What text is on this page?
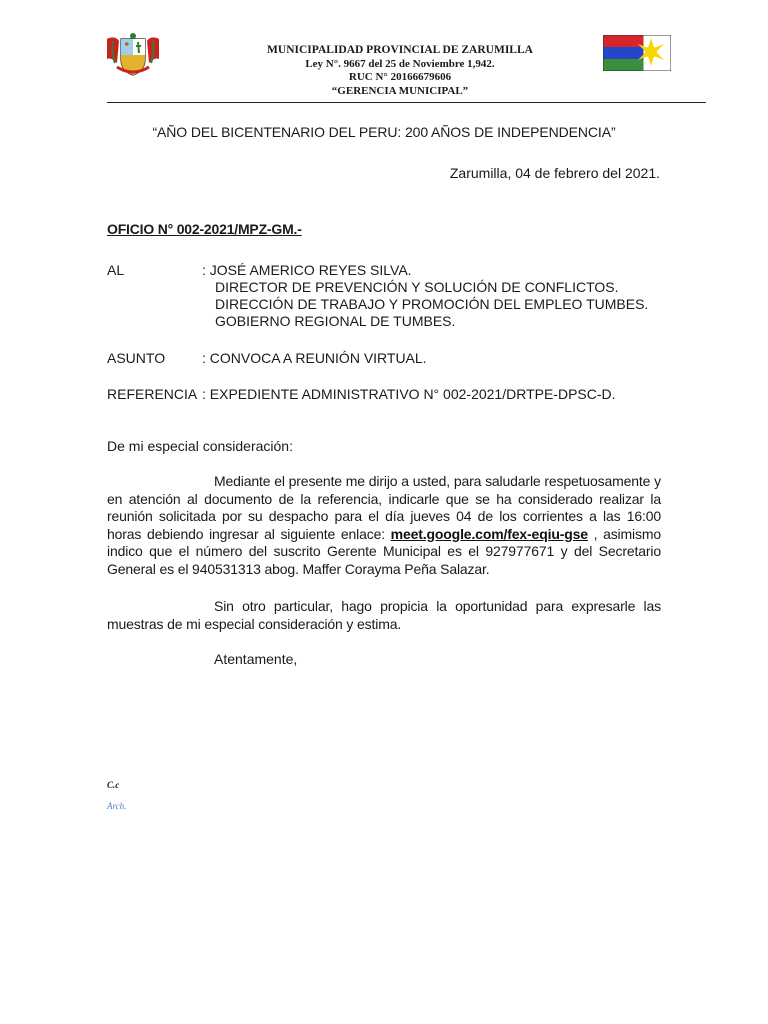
MUNICIPALIDAD PROVINCIAL DE ZARUMILLA
Ley N°. 9667 del 25 de Noviembre 1,942.
RUC N° 20166679606
“GERENCIA MUNICIPAL”
“AÑO DEL BICENTENARIO DEL PERU: 200 AÑOS DE INDEPENDENCIA”
Zarumilla, 04 de febrero del 2021.
OFICIO N° 002-2021/MPZ-GM.-
AL	: JOSÉ AMERICO REYES SILVA.
DIRECTOR DE PREVENCIÓN Y SOLUCIÓN DE CONFLICTOS.
DIRECCIÓN DE TRABAJO Y PROMOCIÓN DEL EMPLEO TUMBES.
GOBIERNO REGIONAL DE TUMBES.
ASUNTO	: CONVOCA A REUNIÓN VIRTUAL.
REFERENCIA : EXPEDIENTE ADMINISTRATIVO N° 002-2021/DRTPE-DPSC-D.
De mi especial consideración:
Mediante el presente me dirijo a usted, para saludarle respetuosamente y en atención al documento de la referencia, indicarle que se ha considerado realizar la reunión solicitada por su despacho para el día jueves 04 de los corrientes a las 16:00 horas debiendo ingresar al siguiente enlace: meet.google.com/fex-eqiu-gse , asimismo indico que el número del suscrito Gerente Municipal es el 927977671 y del Secretario General es el 940531313 abog. Maffer Corayma Peña Salazar.
Sin otro particular, hago propicia la oportunidad para expresarle las muestras de mi especial consideración y estima.
Atentamente,
C.c
Arch.
